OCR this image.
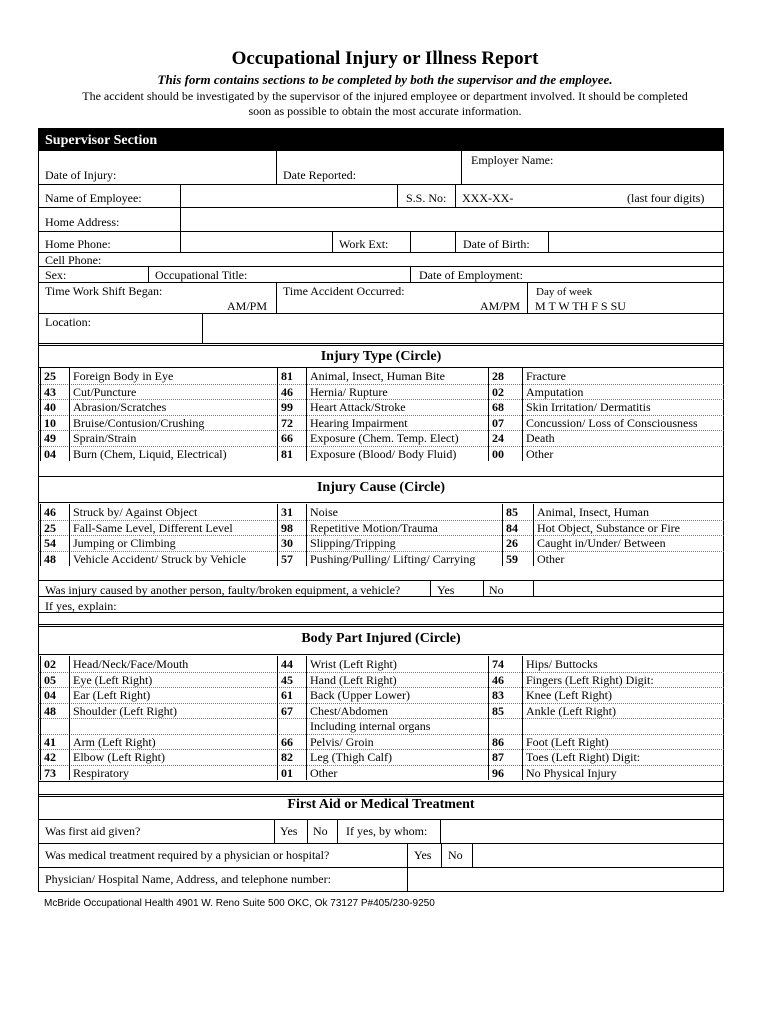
Occupational Injury or Illness Report
This form contains sections to be completed by both the supervisor and the employee.
The accident should be investigated by the supervisor of the injured employee or department involved. It should be completed
soon as possible to obtain the most accurate information.
Supervisor Section
Employer Name:
Date of Injury:	Date Reported:
Name of Employee:	S.S. No: XXX-XX-	(last four digits)
Home Address:
Home Phone:	Work Ext:	Date of Birth:
Cell Phone:
Sex:	Occupational Title:	Date of Employment:
Time Work Shift Began:
AM/PM
Time Accident Occurred:
AM/PM
Day of week
M T W TH F S SU
Location:
Injury Type (Circle)
Injury Cause (Circle)
Was injury caused by another person, faulty/broken equipment, a vehicle?	Yes	No
If yes, explain:
Body Part Injured (Circle)
First Aid or Medical Treatment
Was first aid given?	Yes No If yes, by whom:
Was medical treatment required by a physician or hospital?	Yes No
Physician/ Hospital Name, Address, and telephone number:
McBride Occupational Health 4901 W. Reno Suite 500 OKC, Ok 73127 P#405/230-9250
25 Foreign Body in Eye	81 Animal, Insect, Human Bite	28 Fracture
43 Cut/Puncture	46 Hernia/ Rupture	02 Amputation
40 Abrasion/Scratches	99 Heart Attack/Stroke	68 Skin Irritation/ Dermatitis
10 Bruise/Contusion/Crushing	72 Hearing Impairment	07 Concussion/ Loss of Consciousness
49 Sprain/Strain	66 Exposure (Chem. Temp. Elect)	24 Death
04 Burn (Chem, Liquid, Electrical)	81 Exposure (Blood/ Body Fluid)	00 Other
46 Struck by/ Against Object	31 Noise	85 Animal, Insect, Human
25 Fall-Same Level, Different Level	98 Repetitive Motion/Trauma	84 Hot Object, Substance or Fire
54 Jumping or Climbing	30 Slipping/Tripping	26 Caught in/Under/ Between
48 Vehicle Accident/ Struck by Vehicle	57 Pushing/Pulling/ Lifting/ Carrying	59 Other
02 Head/Neck/Face/Mouth	44 Wrist (Left Right)	74 Hips/ Buttocks
05 Eye (Left Right)	45 Hand (Left Right)	46 Fingers (Left Right) Digit:
04 Ear (Left Right)	61 Back (Upper Lower)	83 Knee (Left Right)
48 Shoulder (Left Right)	67 Chest/Abdomen	85 Ankle (Left Right)
Including internal organs
41 Arm (Left Right)	66 Pelvis/ Groin	86 Foot (Left Right)
42 Elbow (Left Right)	82 Leg (Thigh Calf)	87 Toes (Left Right) Digit:
73 Respiratory	01 Other	96 No Physical Injury
